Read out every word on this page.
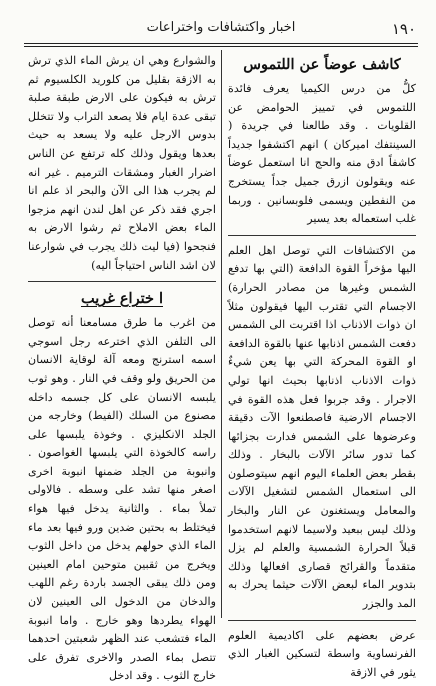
اخبار واكتشافات واختراعات	١٩٠

كاشف عوضاً عن اللتموس

كلُّ من درس الكيميا يعرف فائدة اللتموس في تمييز الحوامض عن القلويات . وقد طالعنا في جريدة ( السينتفك اميركان ) انهم اكتشفوا جديداً كاشفاً ادق منه والحج انا استعمل عوضاً عنه ويقولون ازرق جميل جداً يستخرج من النفطين ويسمى فلوبسانين . وربما غلب استعماله بعد يسير

من الاكتشافات التي توصل اهل العلم اليها مؤخراً القوة الدافعة (التي بها تدفع الشمس وغيرها من مصادر الحرارة) الاجسام التي تقترب اليها فيقولون مثلاً ان ذوات الاذناب اذا اقتربت الى الشمس دفعت الشمس اذنابها عنها بالقوة الدافعة او القوة المحركة التي بها يعن شيءٌ ذوات الاذناب اذنابها بحيث انها تولي الاجرار . وقد جربوا فعل هذه القوة في الاجسام الارضية فاصطنعوا الآت دقيقة وعرضوها على الشمس فدارت بجزائها كما تدور سائر الآلات بالبخار . وذلك بقطر بعض العلماء اليوم انهم سيتوصلون الى استعمال الشمس لتشغيل الآلات والمعامل ويستغنون عن النار والبخار وذلك ليس ببعيد ولاسيما لانهم استخدموا قبلاً الحرارة الشمسية والعلم لم يزل متقدماً والقرائح قصارى افعالها وذلك بتدوير الماء لبعض الآلات حيثما يحرك به المد والجزر

عرض بعضهم على اكاديمية العلوم الفرنساوية واسطة لتسكين الغبار الذي يثور في الازقة

والشوارع وهي ان يرش الماء الذي ترش به الازقة بقليل من كلوريد الكلسيوم ثم ترش به فيكون على الارض طبقة صلبة تبقى عدة ايام فلا يصعد التراب ولا تتخلل بدوس الارجل عليه ولا يسعد به حيث بعدها ويقول وذلك كله ترتفع عن الناس اضرار الغبار ومشقات الترميم . غير انه لم يجرب هذا الى الآن والبحر اذ علم انا اجري فقد ذكر عن اهل لندن انهم مزجوا الماء بعض الاملاح ثم رشوا الارض به فنجحوا (فيا ليت ذلك يجرب في شوارعنا لان اشد الناس احتياجاً اليه)

ا ختراع غريب

من اغرب ما طرق مسامعنا أنه توصل الى التلفن الذي اخترعه رجل اسوجي اسمه استرنج ومعه آلة لوقاية الانسان من الحريق ولو وقف في النار . وهو ثوب يلبسه الانسان على كل جسمه داخله مصنوع من السلك (الفيط) وخارجه من الجلد الانكليزي . وخوذة يلبسها على راسه كالخوذة التي يلبسها الغواصون . وانبوبة من الجلد ضمنها انبوبة اخرى اصغر منها تشد على وسطه . فالاولى تملأ بماء . والثانية يدخل فيها هواء فيختلط به بحتين ضدين ورو فيها بعد ماء الماء الذي حولهم يدخل من داخل الثوب ويخرج من ثقبين متوحين امام العينين ومن ذلك يبقى الجسد باردة رغم اللهب والدخان من الدخول الى العينين لان الهواء يطردها وهو خارج . واما انبوبة الماء فتشعب عند الظهر شعبتين احدهما تتصل بماء الصدر والاخرى تفرق على خارج الثوب . وقد ادخل
